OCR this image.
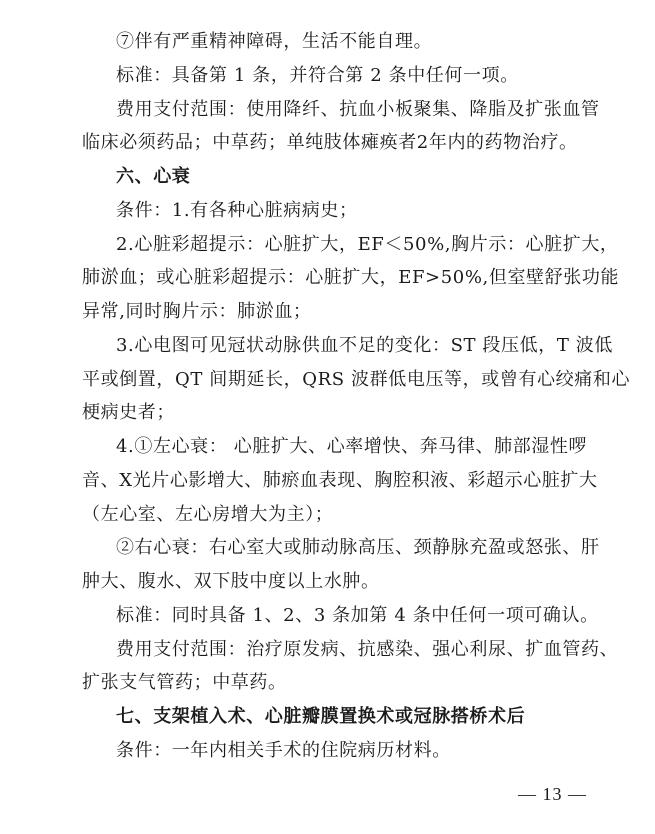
⑦伴有严重精神障碍，生活不能自理。
标准：具备第 1 条，并符合第 2 条中任何一项。
费用支付范围：使用降纤、抗血小板聚集、降脂及扩张血管
临床必须药品；中草药；单纯肢体瘫痪者2年内的药物治疗。
六、心衰
条件：1.有各种心脏病病史；
2.心脏彩超提示：心脏扩大，EF＜50%,胸片示：心脏扩大，
肺淤血；或心脏彩超提示：心脏扩大，EF>50%,但室壁舒张功能
异常,同时胸片示：肺淤血；
3.心电图可见冠状动脉供血不足的变化：ST 段压低，T 波低
平或倒置，QT 间期延长，QRS 波群低电压等，或曾有心绞痛和心
梗病史者；
4.①左心衰： 心脏扩大、心率增快、奔马律、肺部湿性啰
音、X光片心影增大、肺瘀血表现、胸腔积液、彩超示心脏扩大
（左心室、左心房增大为主）；
②右心衰：右心室大或肺动脉高压、颈静脉充盈或怒张、肝
肿大、腹水、双下肢中度以上水肿。
标准：同时具备 1、2、3 条加第 4 条中任何一项可确认。
费用支付范围：治疗原发病、抗感染、强心利尿、扩血管药、
扩张支气管药；中草药。
七、支架植入术、心脏瓣膜置换术或冠脉搭桥术后
条件：一年内相关手术的住院病历材料。
— 13 —
